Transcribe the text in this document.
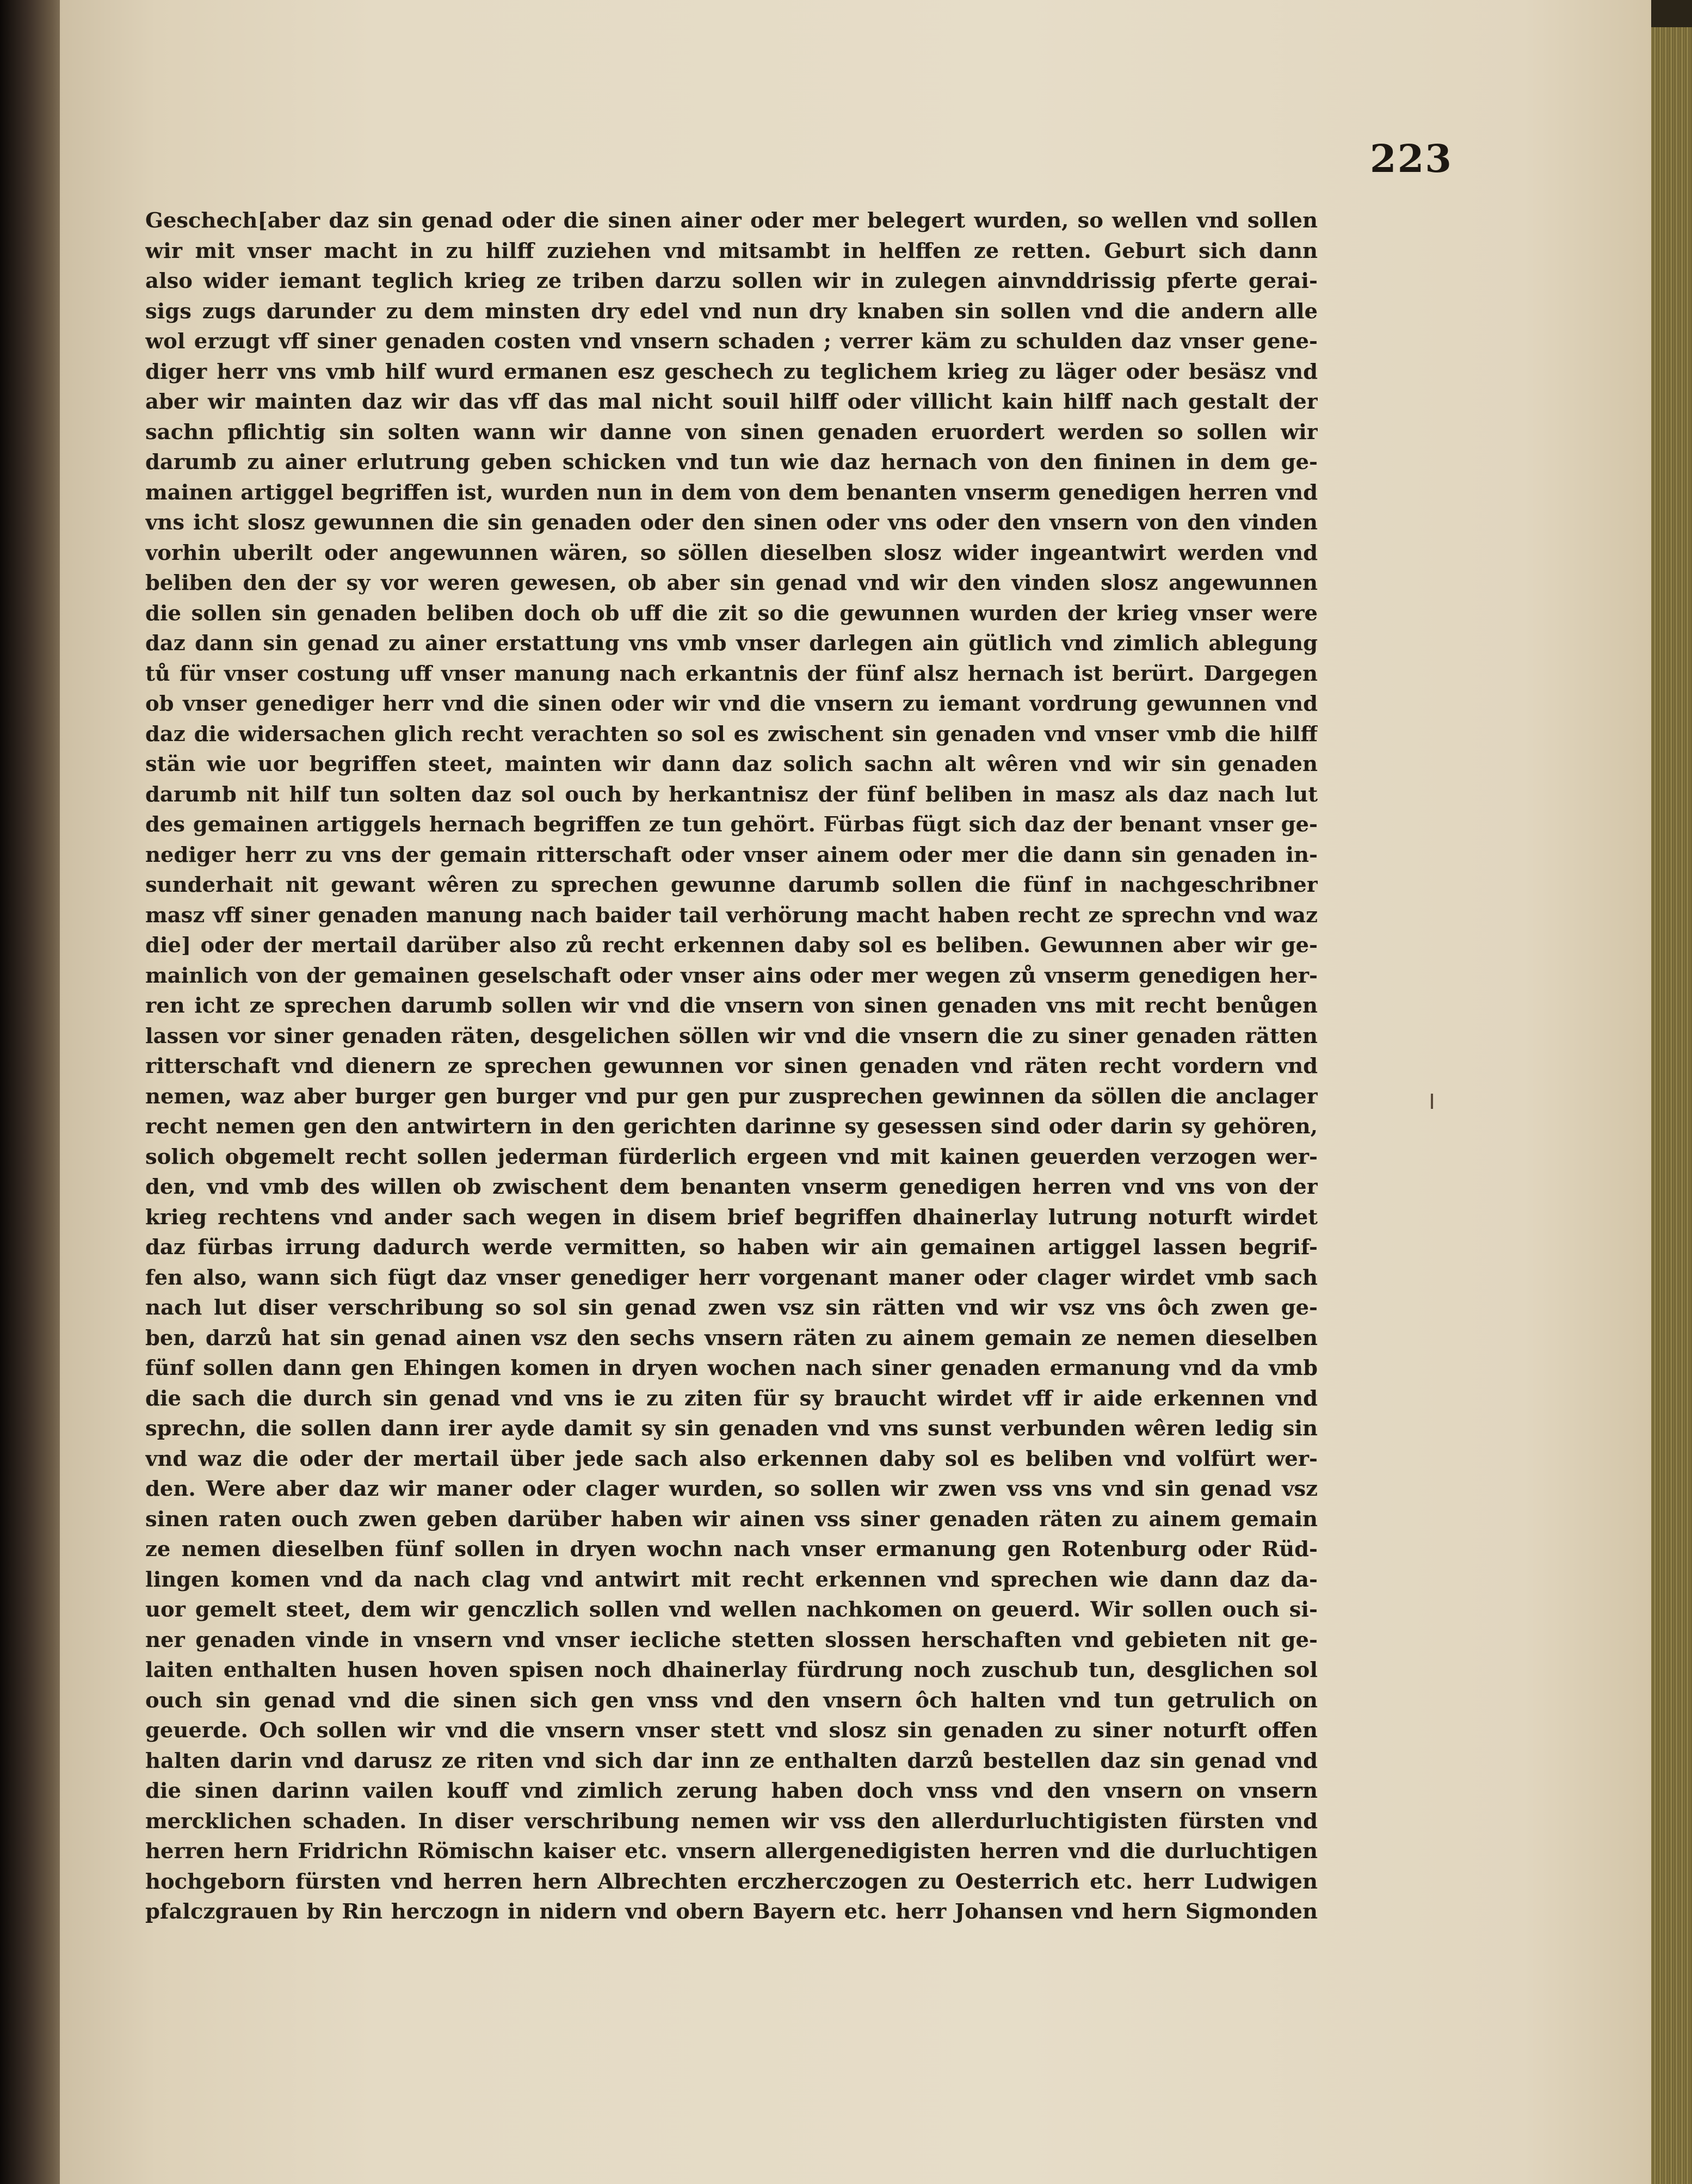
223
Geschech[aber daz sin genad oder die sinen ainer oder mer belegert wurden, so wellen vnd sollen
wir mit vnser macht in zu hilff zuziehen vnd mitsambt in helffen ze retten. Geburt sich dann
also wider iemant teglich krieg ze triben darzu sollen wir in zulegen ainvnddrissig pferte gerai-
sigs zugs darunder zu dem minsten dry edel vnd nun dry knaben sin sollen vnd die andern alle
wol erzugt vff siner genaden costen vnd vnsern schaden ; verrer käm zu schulden daz vnser gene-
diger herr vns vmb hilf wurd ermanen esz geschech zu teglichem krieg zu läger oder besäsz vnd
aber wir mainten daz wir das vff das mal nicht souil hilff oder villicht kain hilff nach gestalt der
sachn pflichtig sin solten wann wir danne von sinen genaden eruordert werden so sollen wir
darumb zu ainer erlutrung geben schicken vnd tun wie daz hernach von den fininen in dem ge-
mainen artiggel begriffen ist, wurden nun in dem von dem benanten vnserm genedigen herren vnd
vns icht slosz gewunnen die sin genaden oder den sinen oder vns oder den vnsern von den vinden
vorhin uberilt oder angewunnen wären, so söllen dieselben slosz wider ingeantwirt werden vnd
beliben den der sy vor weren gewesen, ob aber sin genad vnd wir den vinden slosz angewunnen
die sollen sin genaden beliben doch ob uff die zit so die gewunnen wurden der krieg vnser were
daz dann sin genad zu ainer erstattung vns vmb vnser darlegen ain gütlich vnd zimlich ablegung
tů für vnser costung uff vnser manung nach erkantnis der fünf alsz hernach ist berürt. Dargegen
ob vnser genediger herr vnd die sinen oder wir vnd die vnsern zu iemant vordrung gewunnen vnd
daz die widersachen glich recht verachten so sol es zwischent sin genaden vnd vnser vmb die hilff
stän wie uor begriffen steet, mainten wir dann daz solich sachn alt wêren vnd wir sin genaden
darumb nit hilf tun solten daz sol ouch by herkantnisz der fünf beliben in masz als daz nach lut
des gemainen artiggels hernach begriffen ze tun gehört. Fürbas fügt sich daz der benant vnser ge-
nediger herr zu vns der gemain ritterschaft oder vnser ainem oder mer die dann sin genaden in-
sunderhait nit gewant wêren zu sprechen gewunne darumb sollen die fünf in nachgeschribner
masz vff siner genaden manung nach baider tail verhörung macht haben recht ze sprechn vnd waz
die] oder der mertail darüber also zů recht erkennen daby sol es beliben. Gewunnen aber wir ge-
mainlich von der gemainen geselschaft oder vnser ains oder mer wegen zů vnserm genedigen her-
ren icht ze sprechen darumb sollen wir vnd die vnsern von sinen genaden vns mit recht benůgen
lassen vor siner genaden räten, desgelichen söllen wir vnd die vnsern die zu siner genaden rätten
ritterschaft vnd dienern ze sprechen gewunnen vor sinen genaden vnd räten recht vordern vnd
nemen, waz aber burger gen burger vnd pur gen pur zusprechen gewinnen da söllen die anclager
recht nemen gen den antwirtern in den gerichten darinne sy gesessen sind oder darin sy gehören,
solich obgemelt recht sollen jederman fürderlich ergeen vnd mit kainen geuerden verzogen wer-
den, vnd vmb des willen ob zwischent dem benanten vnserm genedigen herren vnd vns von der
krieg rechtens vnd ander sach wegen in disem brief begriffen dhainerlay lutrung noturft wirdet
daz fürbas irrung dadurch werde vermitten, so haben wir ain gemainen artiggel lassen begrif-
fen also, wann sich fügt daz vnser genediger herr vorgenant maner oder clager wirdet vmb sach
nach lut diser verschribung so sol sin genad zwen vsz sin rätten vnd wir vsz vns ôch zwen ge-
ben, darzů hat sin genad ainen vsz den sechs vnsern räten zu ainem gemain ze nemen dieselben
fünf sollen dann gen Ehingen komen in dryen wochen nach siner genaden ermanung vnd da vmb
die sach die durch sin genad vnd vns ie zu ziten für sy braucht wirdet vff ir aide erkennen vnd
sprechn, die sollen dann irer ayde damit sy sin genaden vnd vns sunst verbunden wêren ledig sin
vnd waz die oder der mertail über jede sach also erkennen daby sol es beliben vnd volfürt wer-
den. Were aber daz wir maner oder clager wurden, so sollen wir zwen vss vns vnd sin genad vsz
sinen raten ouch zwen geben darüber haben wir ainen vss siner genaden räten zu ainem gemain
ze nemen dieselben fünf sollen in dryen wochn nach vnser ermanung gen Rotenburg oder Rüd-
lingen komen vnd da nach clag vnd antwirt mit recht erkennen vnd sprechen wie dann daz da-
uor gemelt steet, dem wir genczlich sollen vnd wellen nachkomen on geuerd. Wir sollen ouch si-
ner genaden vinde in vnsern vnd vnser iecliche stetten slossen herschaften vnd gebieten nit ge-
laiten enthalten husen hoven spisen noch dhainerlay fürdrung noch zuschub tun, desglichen sol
ouch sin genad vnd die sinen sich gen vnss vnd den vnsern ôch halten vnd tun getrulich on
geuerde. Och sollen wir vnd die vnsern vnser stett vnd slosz sin genaden zu siner noturft offen
halten darin vnd darusz ze riten vnd sich dar inn ze enthalten darzů bestellen daz sin genad vnd
die sinen darinn vailen kouff vnd zimlich zerung haben doch vnss vnd den vnsern on vnsern
mercklichen schaden. In diser verschribung nemen wir vss den allerdurluchtigisten fürsten vnd
herren hern Fridrichn Römischn kaiser etc. vnsern allergenedigisten herren vnd die durluchtigen
hochgeborn fürsten vnd herren hern Albrechten erczherczogen zu Oesterrich etc. herr Ludwigen
pfalczgrauen by Rin herczogn in nidern vnd obern Bayern etc. herr Johansen vnd hern Sigmonden
